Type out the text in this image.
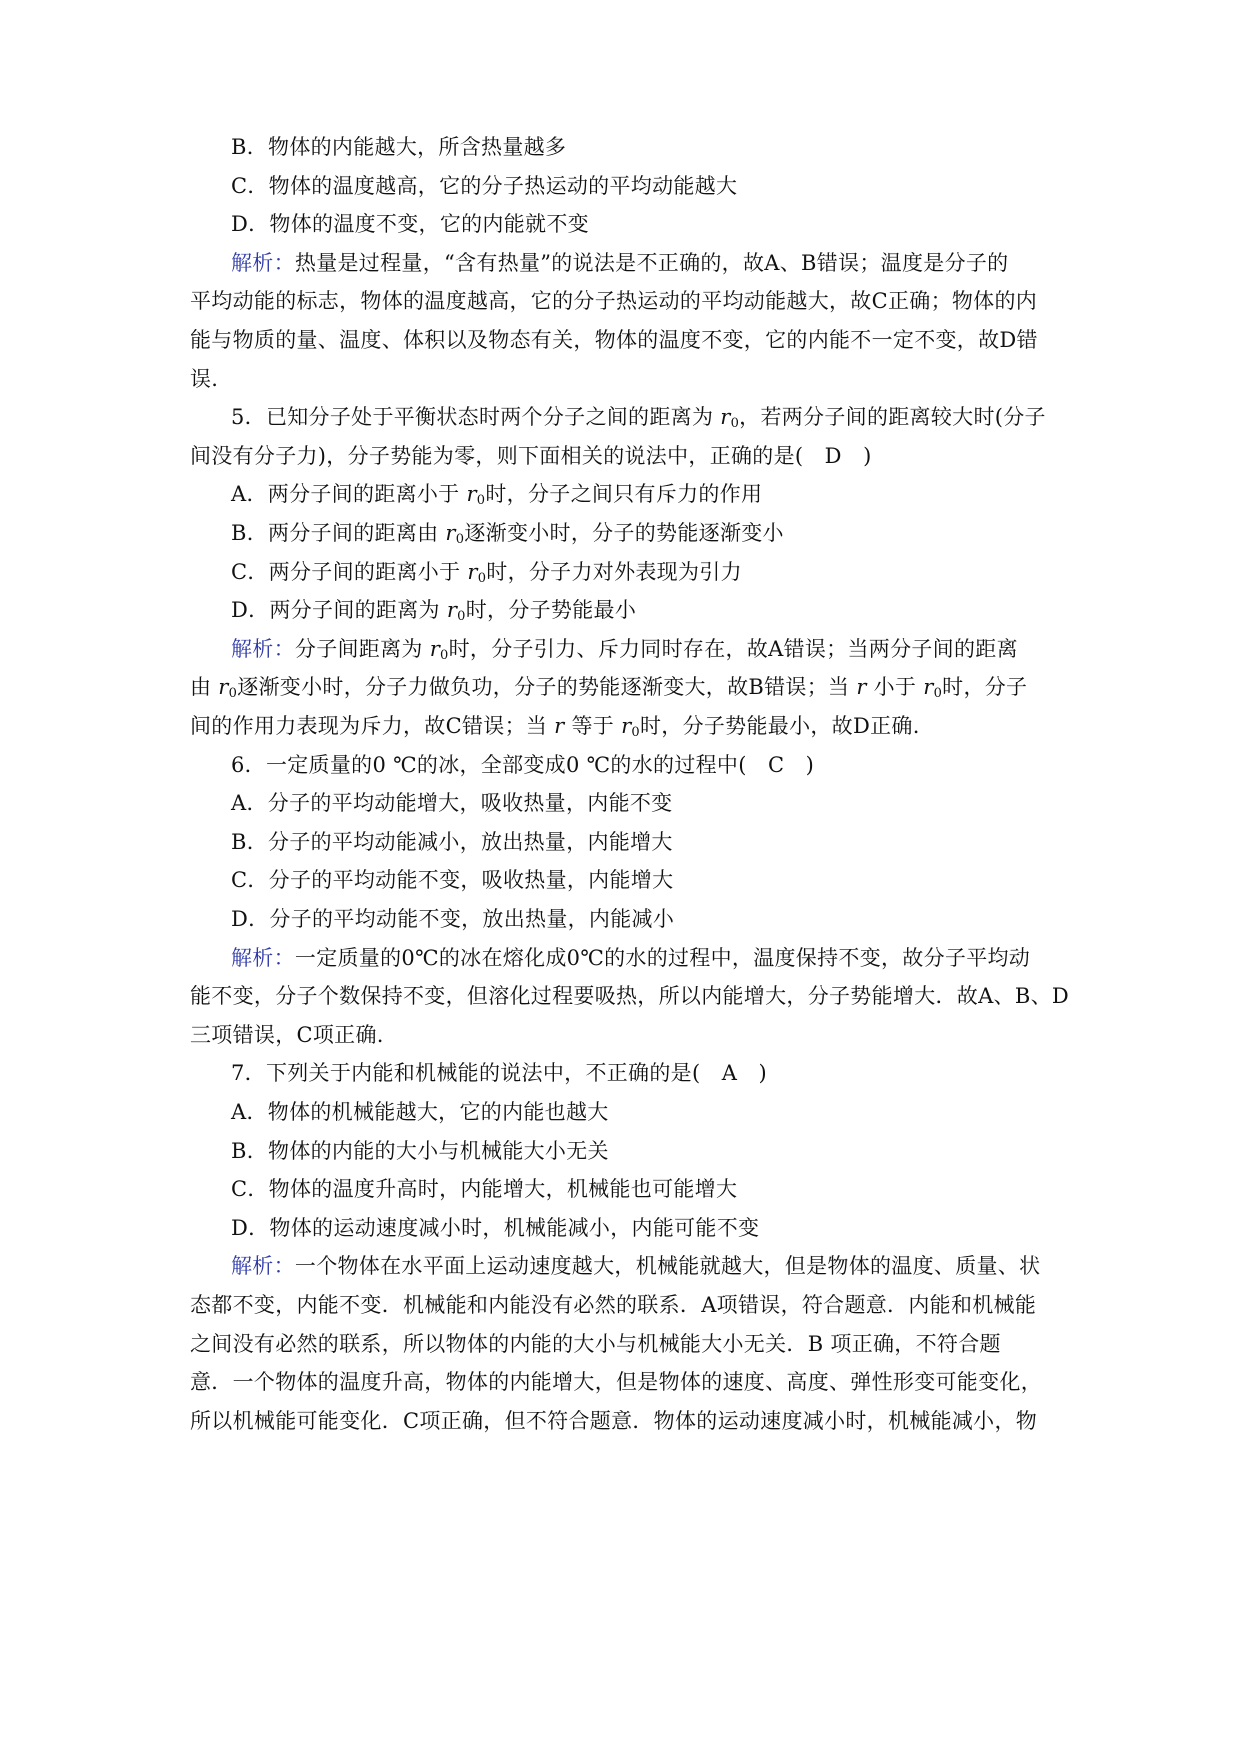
B．物体的内能越大，所含热量越多
C．物体的温度越高，它的分子热运动的平均动能越大
D．物体的温度不变，它的内能就不变
解析：热量是过程量，“含有热量”的说法是不正确的，故A、B错误；温度是分子的
平均动能的标志，物体的温度越高，它的分子热运动的平均动能越大，故C正确；物体的内
能与物质的量、温度、体积以及物态有关，物体的温度不变，它的内能不一定不变，故D错
误.
5．已知分子处于平衡状态时两个分子之间的距离为 $r_0$，若两分子间的距离较大时(分子
间没有分子力)，分子势能为零，则下面相关的说法中，正确的是(　D　)
A．两分子间的距离小于 $r_0$时，分子之间只有斥力的作用
B．两分子间的距离由 $r_0$逐渐变小时，分子的势能逐渐变小
C．两分子间的距离小于 $r_0$时，分子力对外表现为引力
D．两分子间的距离为 $r_0$时，分子势能最小
解析：分子间距离为 $r_0$时，分子引力、斥力同时存在，故A错误；当两分子间的距离
由 $r_0$逐渐变小时，分子力做负功，分子的势能逐渐变大，故B错误；当 r 小于 $r_0$时，分子
间的作用力表现为斥力，故C错误；当 r 等于 $r_0$时，分子势能最小，故D正确.
6．一定质量的0 ℃的冰，全部变成0 ℃的水的过程中(　C　)
A．分子的平均动能增大，吸收热量，内能不变
B．分子的平均动能减小，放出热量，内能增大
C．分子的平均动能不变，吸收热量，内能增大
D．分子的平均动能不变，放出热量，内能减小
解析：一定质量的0℃的冰在熔化成0℃的水的过程中，温度保持不变，故分子平均动
能不变，分子个数保持不变，但溶化过程要吸热，所以内能增大，分子势能增大．故A、B、D
三项错误，C项正确.
7．下列关于内能和机械能的说法中，不正确的是(　A　)
A．物体的机械能越大，它的内能也越大
B．物体的内能的大小与机械能大小无关
C．物体的温度升高时，内能增大，机械能也可能增大
D．物体的运动速度减小时，机械能减小，内能可能不变
解析：一个物体在水平面上运动速度越大，机械能就越大，但是物体的温度、质量、状
态都不变，内能不变．机械能和内能没有必然的联系．A项错误，符合题意．内能和机械能
之间没有必然的联系，所以物体的内能的大小与机械能大小无关．B 项正确，不符合题
意．一个物体的温度升高，物体的内能增大，但是物体的速度、高度、弹性形变可能变化，
所以机械能可能变化．C项正确，但不符合题意．物体的运动速度减小时，机械能减小，物
